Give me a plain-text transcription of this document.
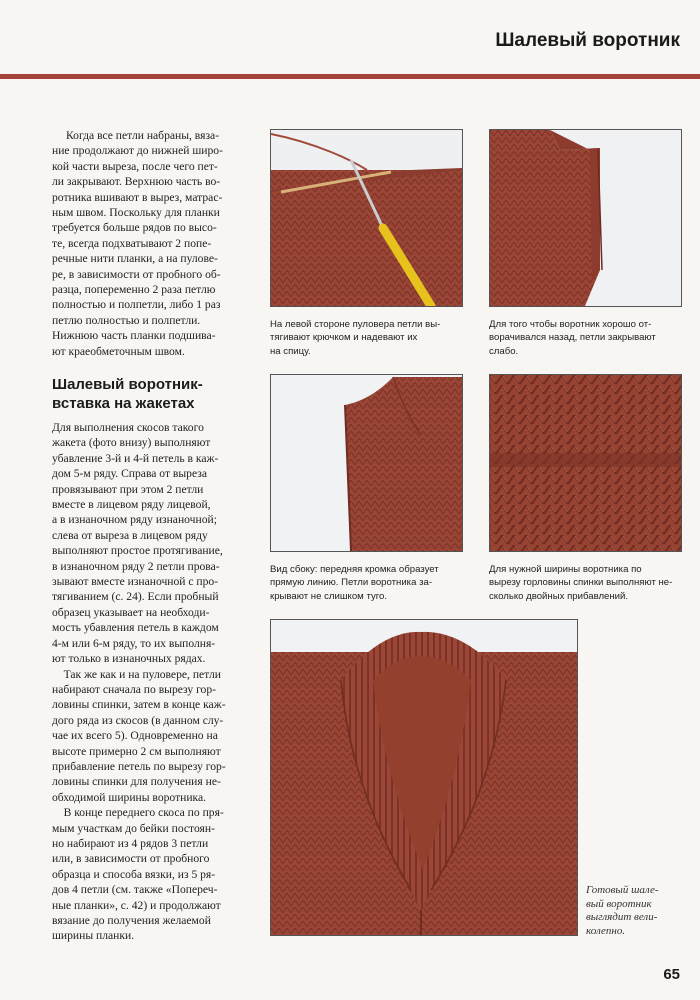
Шалевый воротник
Когда все петли набраны, вяза-
ние продолжают до нижней широ-
кой части выреза, после чего пет-
ли закрывают. Верхнюю часть во-
ротника вшивают в вырез, матрас-
ным швом. Поскольку для планки
требуется больше рядов по высо-
те, всегда подхватывают 2 попе-
речные нити планки, а на пулове-
ре, в зависимости от пробного об-
разца, попеременно 2 раза петлю
полностью и полпетли, либо 1 раз
петлю полностью и полпетли.
Нижнюю часть планки подшива-
ют краеобметочным швом.
Шалевый воротник-
вставка на жакетах
Для выполнения скосов такого
жакета (фото внизу) выполняют
убавление 3-й и 4-й петель в каж-
дом 5-м ряду. Справа от выреза
провязывают при этом 2 петли
вместе в лицевом ряду лицевой,
а в изнаночном ряду изнаночной;
слева от выреза в лицевом ряду
выполняют простое протягивание,
в изнаночном ряду 2 петли прова-
зывают вместе изнаночной с про-
тягиванием (с. 24). Если пробный
образец указывает на необходи-
мость убавления петель в каждом
4-м или 6-м ряду, то их выполня-
ют только в изнаночных рядах.
Так же как и на пуловере, петли
набирают сначала по вырезу гор-
ловины спинки, затем в конце каж-
дого ряда из скосов (в данном слу-
чае их всего 5). Одновременно на
высоте примерно 2 см выполняют
прибавление петель по вырезу гор-
ловины спинки для получения не-
обходимой ширины воротника.
В конце переднего скоса по пря-
мым участкам до бейки постоян-
но набирают из 4 рядов 3 петли
или, в зависимости от пробного
образца и способа вязки, из 5 ря-
дов 4 петли (см. также «Попереч-
ные планки», с. 42) и продолжают
вязание до получения желаемой
ширины планки.
На левой стороне пуловера петли вы-
тягивают крючком и надевают их
на спицу.
Для того чтобы воротник хорошо от-
ворачивался назад, петли закрывают
слабо.
Вид сбоку: передняя кромка образует
прямую линию. Петли воротника за-
крывают не слишком туго.
Для нужной ширины воротника по
вырезу горловины спинки выполняют не-
сколько двойных прибавлений.
Готовый шале-
вый воротник
выглядит вели-
колепно.
65
